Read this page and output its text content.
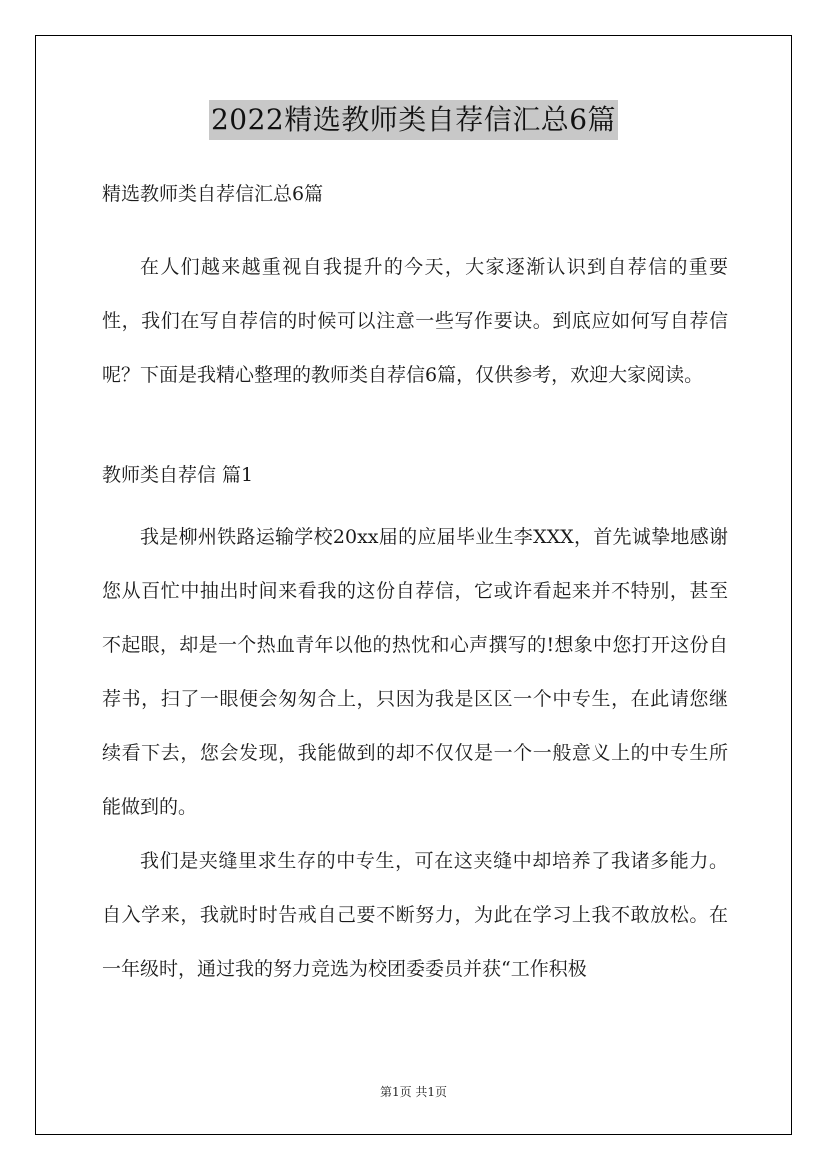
2022精选教师类自荐信汇总6篇

精选教师类自荐信汇总6篇

在人们越来越重视自我提升的今天，大家逐渐认识到自荐信的重要性，我们在写自荐信的时候可以注意一些写作要诀。到底应如何写自荐信呢？下面是我精心整理的教师类自荐信6篇，仅供参考，欢迎大家阅读。

教师类自荐信 篇1

我是柳州铁路运输学校20xx届的应届毕业生李XXX，首先诚挚地感谢您从百忙中抽出时间来看我的这份自荐信，它或许看起来并不特别，甚至不起眼，却是一个热血青年以他的热忱和心声撰写的!想象中您打开这份自荐书，扫了一眼便会匆匆合上，只因为我是区区一个中专生，在此请您继续看下去，您会发现，我能做到的却不仅仅是一个一般意义上的中专生所能做到的。

我们是夹缝里求生存的中专生，可在这夹缝中却培养了我诸多能力。自入学来，我就时时告戒自己要不断努力，为此在学习上我不敢放松。在一年级时，通过我的努力竞选为校团委委员并获“工作积极

第1页 共1页
